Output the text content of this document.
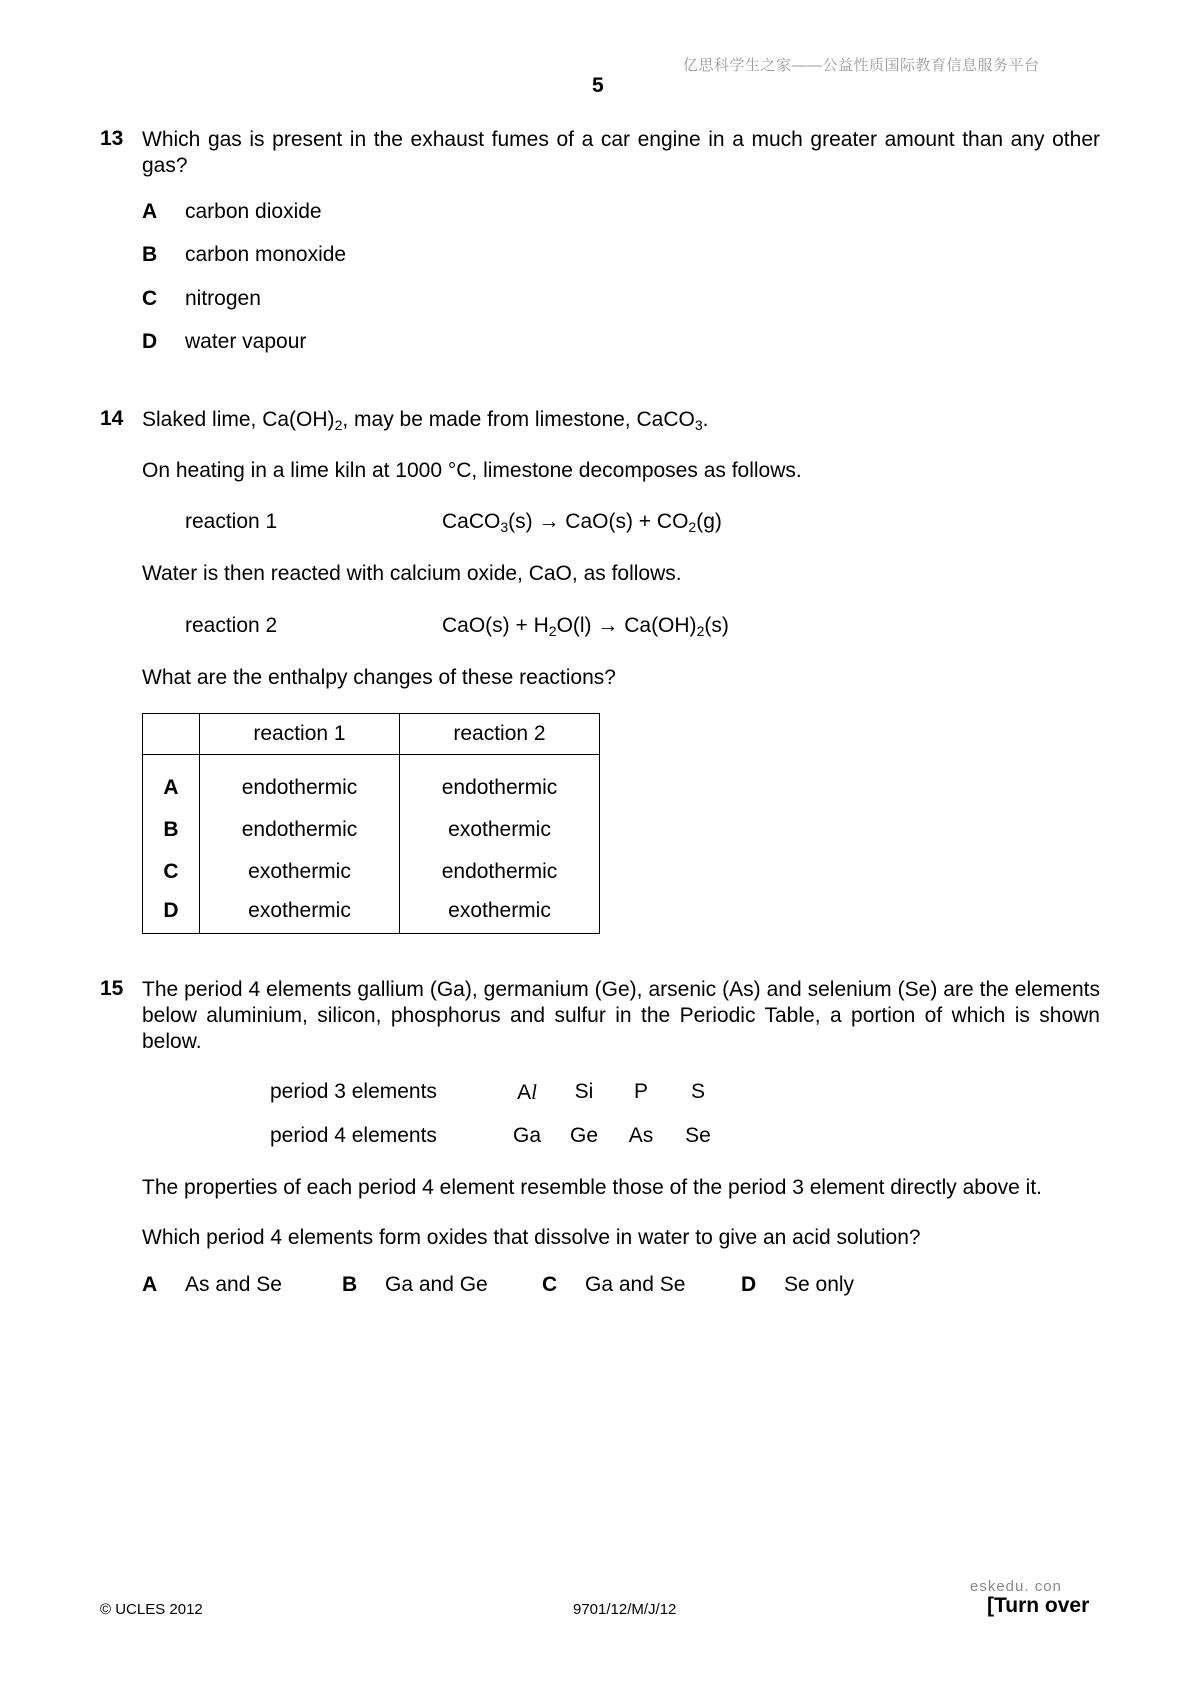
亿思科学生之家——公益性质国际教育信息服务平台
5
13 Which gas is present in the exhaust fumes of a car engine in a much greater amount than any other gas?
A carbon dioxide
B carbon monoxide
C nitrogen
D water vapour
14 Slaked lime, $Ca(OH)_2$, may be made from limestone, CaCO$_3$.
On heating in a lime kiln at 1000 °C, limestone decomposes as follows.
reaction 1	CaCO$_3$(s) → $CaO(s) + CO_2(g)$
Water is then reacted with calcium oxide, CaO, as follows.
reaction 2	$CaO(s) + H_2O(l) \to Ca(OH)_2(s)$
What are the enthalpy changes of these reactions?
	reaction 1	reaction 2
A	endothermic	endothermic
B	endothermic	exothermic
C	exothermic	endothermic
D	exothermic	exothermic
15 The period 4 elements gallium (Ga), germanium (Ge), arsenic (As) and selenium (Se) are the elements below aluminium, silicon, phosphorus and sulfur in the Periodic Table, a portion of which is shown below.
period 3 elements	Al	Si	P	S
period 4 elements	Ga	Ge	As	Se
The properties of each period 4 element resemble those of the period 3 element directly above it.
Which period 4 elements form oxides that dissolve in water to give an acid solution?
A As and Se	B Ga and Ge	C Ga and Se	D Se only
eskedu. con
© UCLES 2012	9701/12/M/J/12	[Turn over
